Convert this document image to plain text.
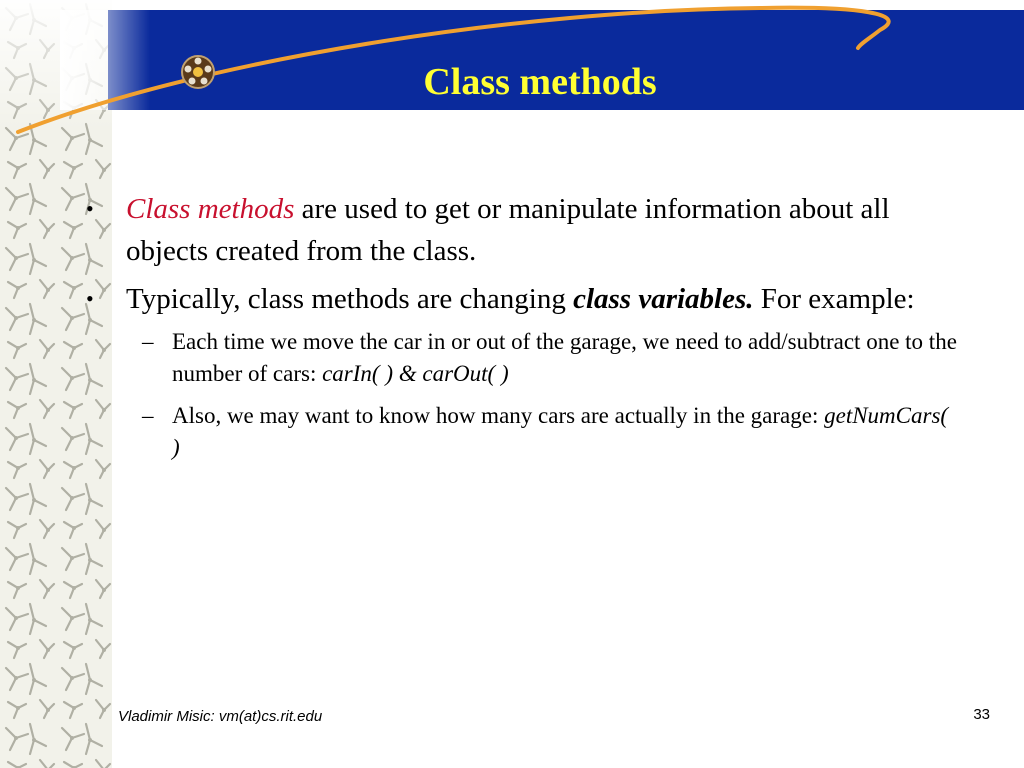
Class methods
• Class methods are used to get or manipulate information about all objects created from the class.
• Typically, class methods are changing class variables. For example:
– Each time we move the car in or out of the garage, we need to add/subtract one to the number of cars: carIn( ) & carOut( )
– Also, we may want to know how many cars are actually in the garage: getNumCars( )
Vladimir Misic: vm(at)cs.rit.edu	33
